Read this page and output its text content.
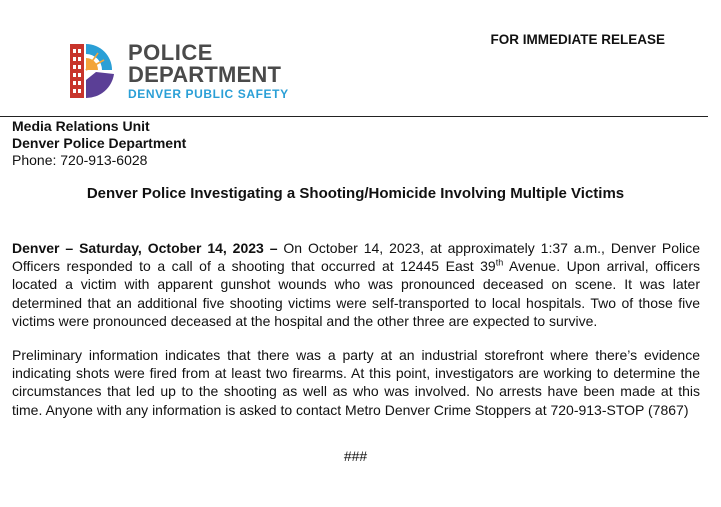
POLICE
DEPARTMENT
DENVER PUBLIC SAFETY
FOR IMMEDIATE RELEASE
Media Relations Unit
Denver Police Department
Phone: 720-913-6028
Denver Police Investigating a Shooting/Homicide Involving Multiple Victims

Denver – Saturday, October 14, 2023 – On October 14, 2023, at approximately 1:37 a.m., Denver Police Officers responded to a call of a shooting that occurred at 12445 East 39th Avenue. Upon arrival, officers located a victim with apparent gunshot wounds who was pronounced deceased on scene. It was later determined that an additional five shooting victims were self-transported to local hospitals. Two of those five victims were pronounced deceased at the hospital and the other three are expected to survive.

Preliminary information indicates that there was a party at an industrial storefront where there’s evidence indicating shots were fired from at least two firearms. At this point, investigators are working to determine the circumstances that led up to the shooting as well as who was involved. No arrests have been made at this time. Anyone with any information is asked to contact Metro Denver Crime Stoppers at 720-913-STOP (7867)

###
